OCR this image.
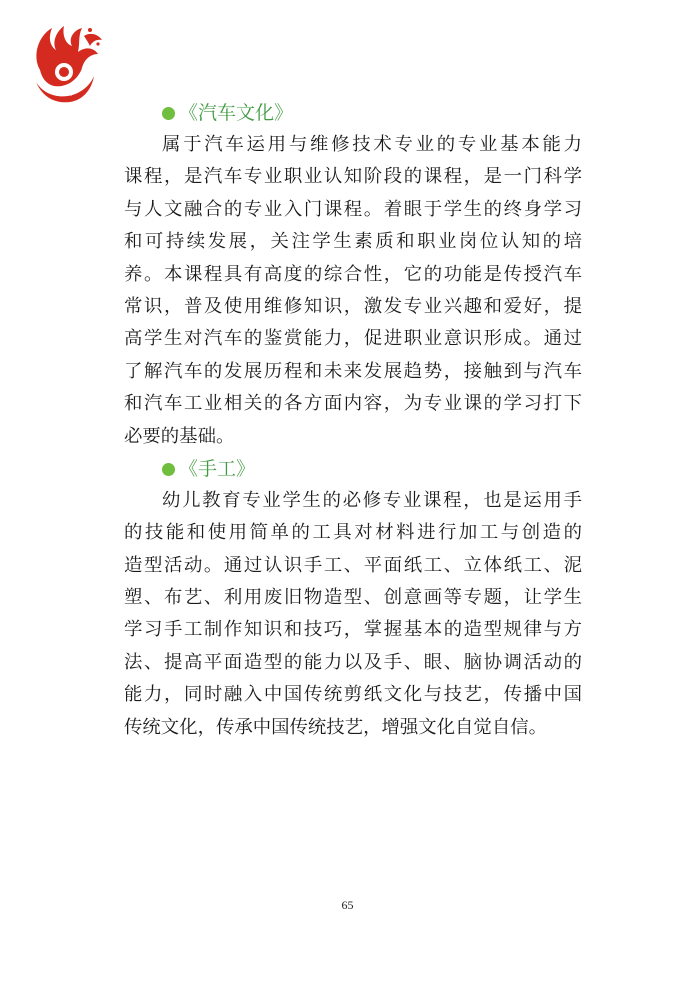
《汽车文化》
属于汽车运用与维修技术专业的专业基本能力
课程，是汽车专业职业认知阶段的课程，是一门科学
与人文融合的专业入门课程。着眼于学生的终身学习
和可持续发展，关注学生素质和职业岗位认知的培
养。本课程具有高度的综合性，它的功能是传授汽车
常识，普及使用维修知识，激发专业兴趣和爱好，提
高学生对汽车的鉴赏能力，促进职业意识形成。通过
了解汽车的发展历程和未来发展趋势，接触到与汽车
和汽车工业相关的各方面内容，为专业课的学习打下
必要的基础。
《手工》
幼儿教育专业学生的必修专业课程，也是运用手
的技能和使用简单的工具对材料进行加工与创造的
造型活动。通过认识手工、平面纸工、立体纸工、泥
塑、布艺、利用废旧物造型、创意画等专题，让学生
学习手工制作知识和技巧，掌握基本的造型规律与方
法、提高平面造型的能力以及手、眼、脑协调活动的
能力，同时融入中国传统剪纸文化与技艺，传播中国
传统文化，传承中国传统技艺，增强文化自觉自信。
65
